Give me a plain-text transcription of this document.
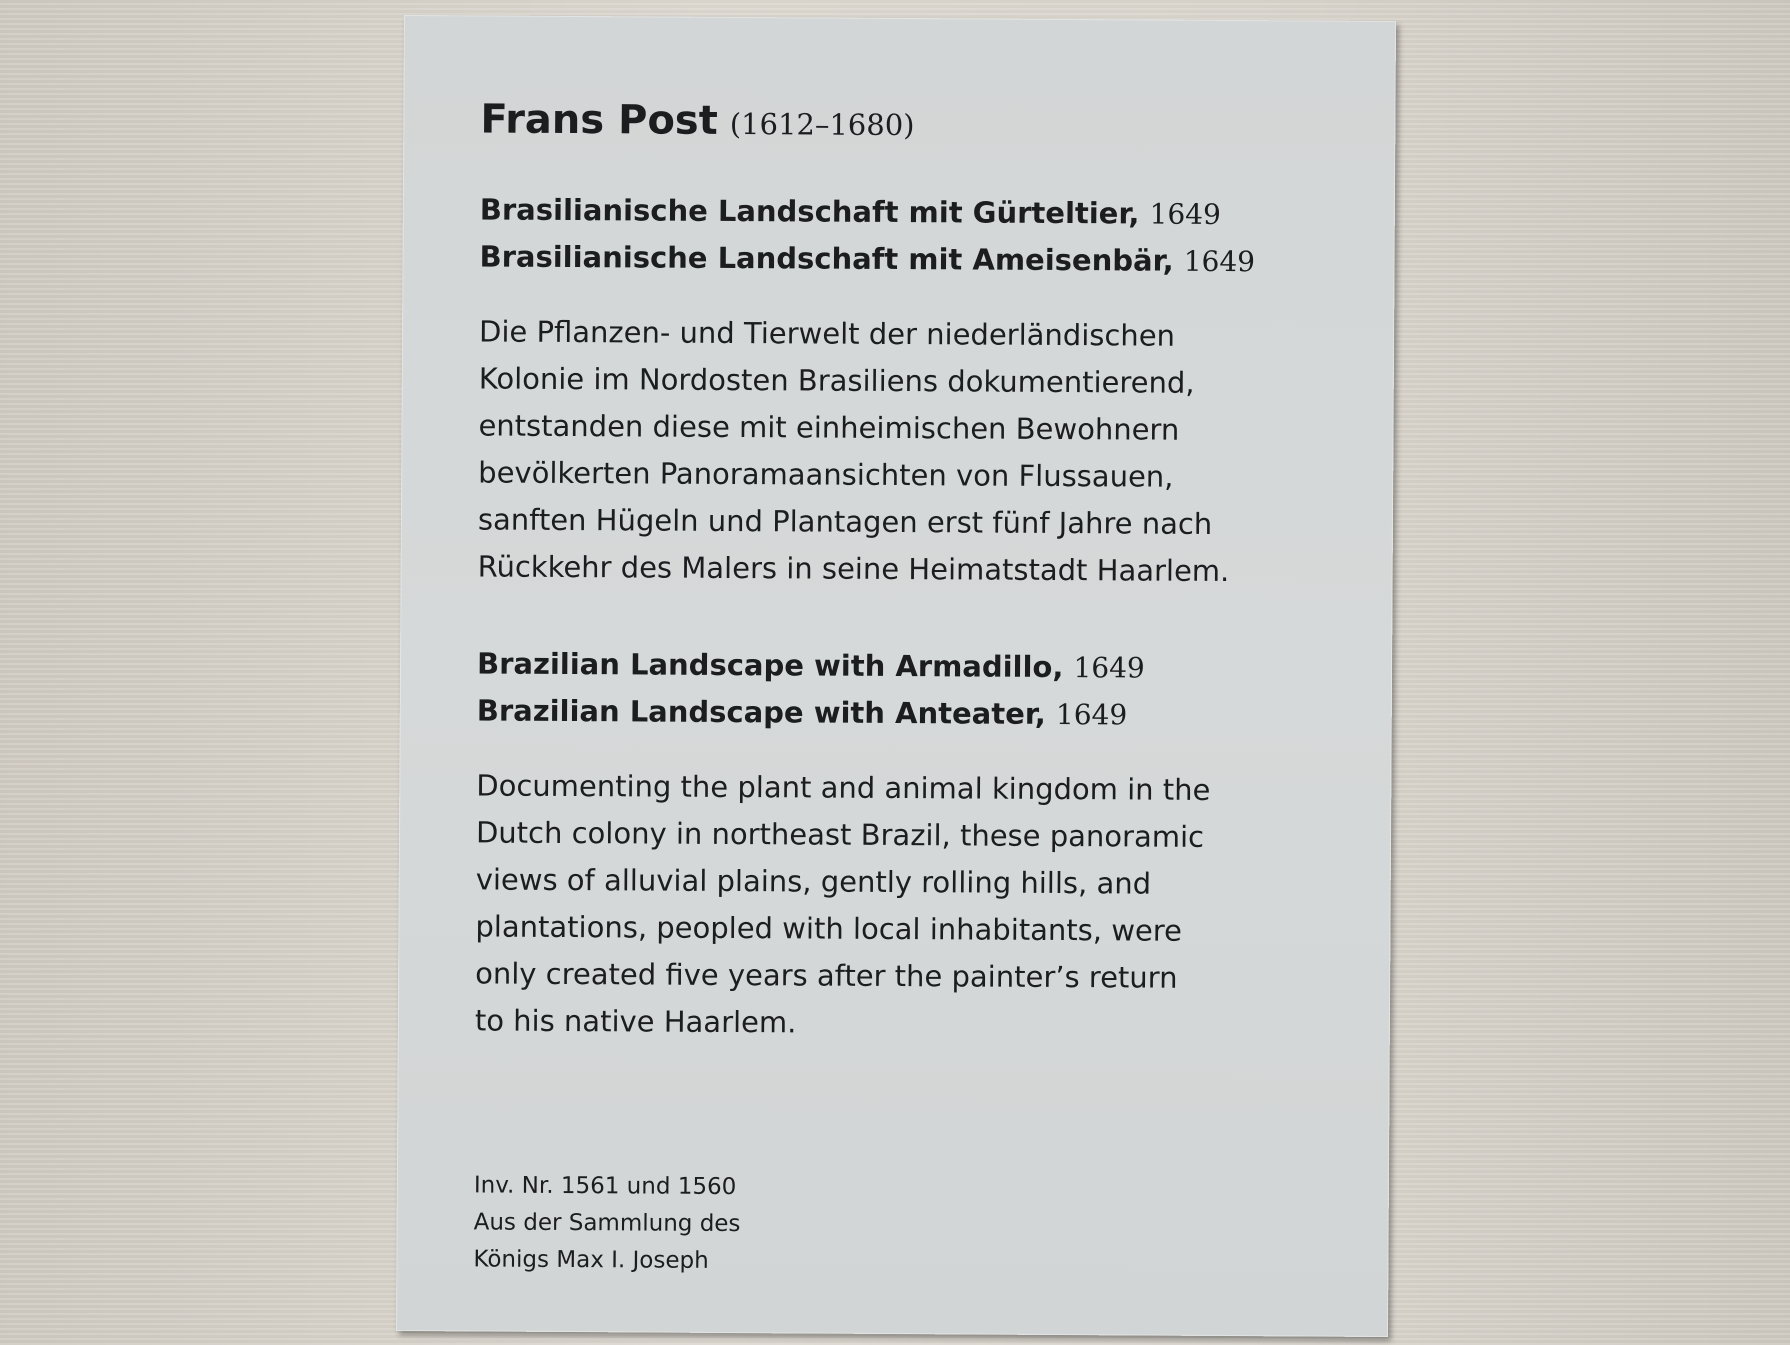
Frans Post (1612–1680)
Brasilianische Landschaft mit Gürteltier, 1649
Brasilianische Landschaft mit Ameisenbär, 1649
Die Pflanzen- und Tierwelt der niederländischen
Kolonie im Nordosten Brasiliens dokumentierend,
entstanden diese mit einheimischen Bewohnern
bevölkerten Panoramaansichten von Flussauen,
sanften Hügeln und Plantagen erst fünf Jahre nach
Rückkehr des Malers in seine Heimatstadt Haarlem.
Brazilian Landscape with Armadillo, 1649
Brazilian Landscape with Anteater, 1649
Documenting the plant and animal kingdom in the
Dutch colony in northeast Brazil, these panoramic
views of alluvial plains, gently rolling hills, and
plantations, peopled with local inhabitants, were
only created five years after the painter’s return
to his native Haarlem.
Inv. Nr. 1561 und 1560
Aus der Sammlung des
Königs Max I. Joseph
